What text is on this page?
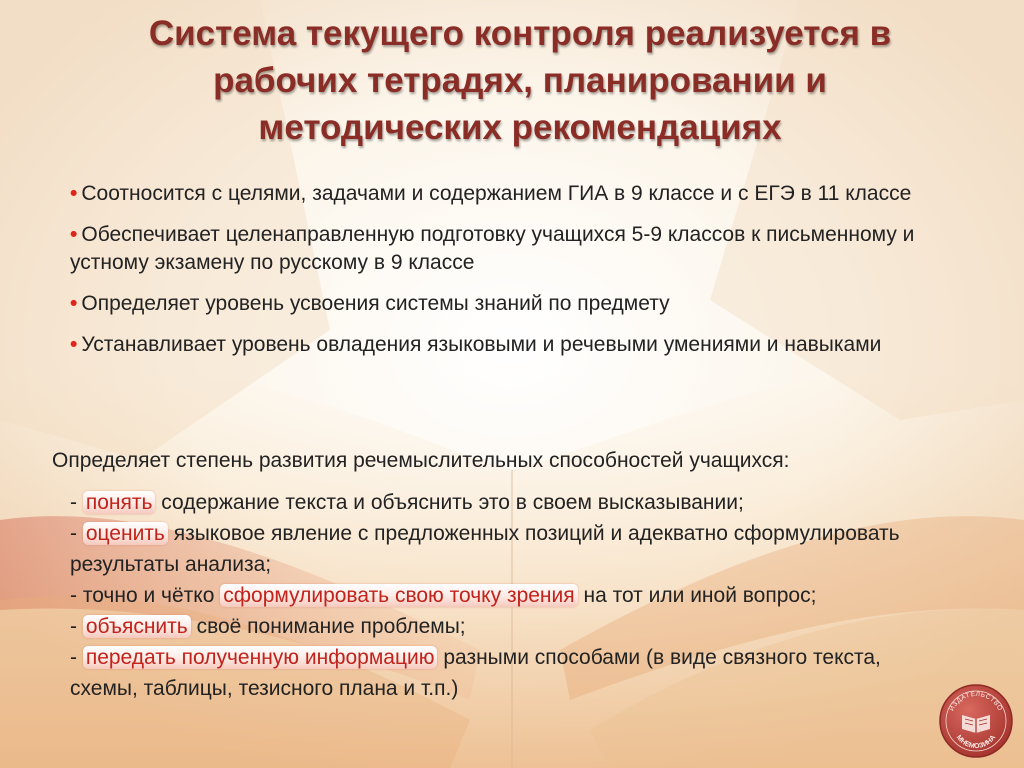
Система текущего контроля реализуется в рабочих тетрадях, планировании и методических рекомендациях

• Соотносится с целями, задачами и содержанием ГИА в 9 классе и с ЕГЭ в 11 классе

• Обеспечивает целенаправленную подготовку учащихся 5-9 классов к письменному и устному экзамену по русскому в 9 классе

• Определяет уровень усвоения системы знаний по предмету

• Устанавливает уровень овладения языковыми и речевыми умениями и навыками

Определяет степень развития речемыслительных способностей учащихся:
- понять содержание текста и объяснить это в своем высказывании;
- оценить языковое явление с предложенных позиций и адекватно сформулировать результаты анализа;
- точно и чётко сформулировать свою точку зрения на тот или иной вопрос;
- объяснить своё понимание проблемы;
- передать полученную информацию разными способами (в виде связного текста, схемы, таблицы, тезисного плана и т.п.)
ИЗДАТЕЛЬСТВО
МНЕМОЗИНА
